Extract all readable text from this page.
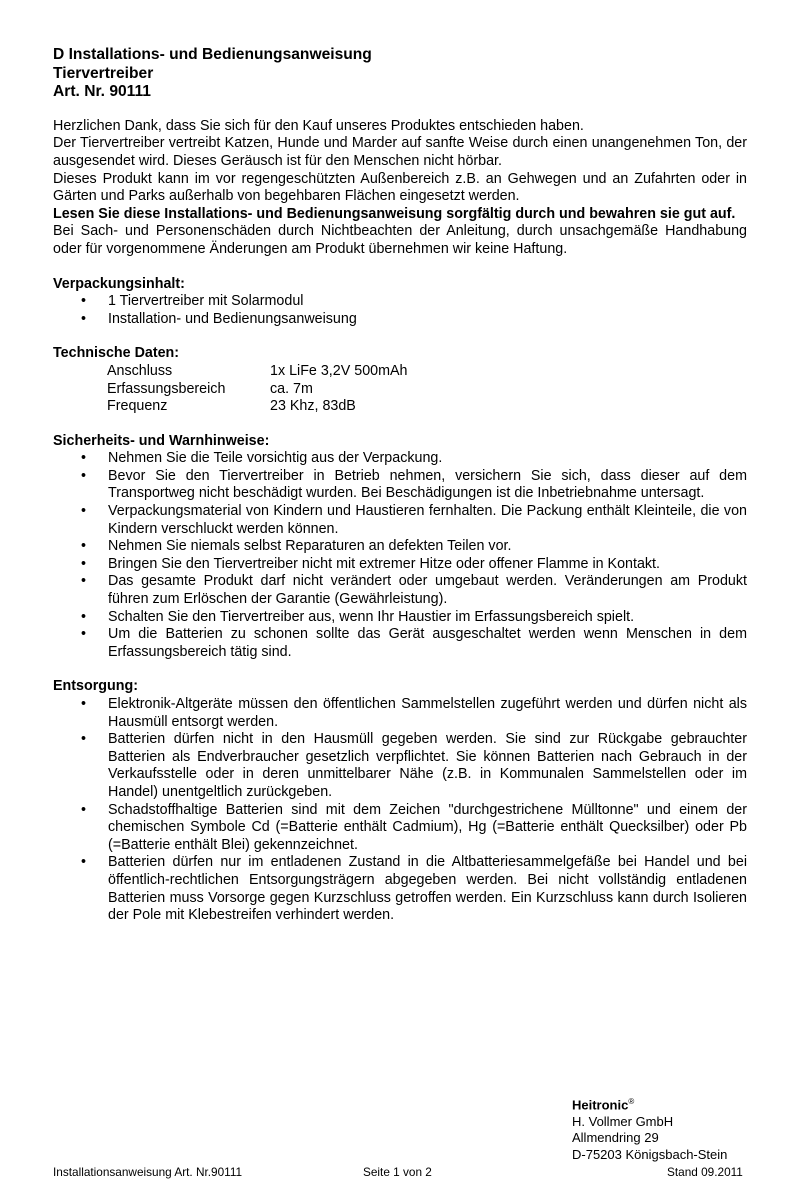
D Installations- und Bedienungsanweisung
Tiervertreiber
Art. Nr. 90111

Herzlichen Dank, dass Sie sich für den Kauf unseres Produktes entschieden haben.

Der Tiervertreiber vertreibt Katzen, Hunde und Marder auf sanfte Weise durch einen unangenehmen Ton, der ausgesendet wird. Dieses Geräusch ist für den Menschen nicht hörbar.

Dieses Produkt kann im vor regengeschützten Außenbereich z.B. an Gehwegen und an Zufahrten oder in Gärten und Parks außerhalb von begehbaren Flächen eingesetzt werden.

Lesen Sie diese Installations- und Bedienungsanweisung sorgfältig durch und bewahren sie gut auf.

Bei Sach- und Personenschäden durch Nichtbeachten der Anleitung, durch unsachgemäße Handhabung oder für vorgenommene Änderungen am Produkt übernehmen wir keine Haftung.

Verpackungsinhalt:
• 1 Tiervertreiber mit Solarmodul
• Installation- und Bedienungsanweisung
Technische Daten:
Anschluss	1x LiFe 3,2V 500mAh
Erfassungsbereich	ca. 7m
Frequenz	23 Khz, 83dB
Sicherheits- und Warnhinweise:
• Nehmen Sie die Teile vorsichtig aus der Verpackung.
• Bevor Sie den Tiervertreiber in Betrieb nehmen, versichern Sie sich, dass dieser auf dem Transportweg nicht beschädigt wurden. Bei Beschädigungen ist die Inbetriebnahme untersagt.
• Verpackungsmaterial von Kindern und Haustieren fernhalten. Die Packung enthält Kleinteile, die von Kindern verschluckt werden können.
• Nehmen Sie niemals selbst Reparaturen an defekten Teilen vor.
• Bringen Sie den Tiervertreiber nicht mit extremer Hitze oder offener Flamme in Kontakt.
• Das gesamte Produkt darf nicht verändert oder umgebaut werden. Veränderungen am Produkt führen zum Erlöschen der Garantie (Gewährleistung).
• Schalten Sie den Tiervertreiber aus, wenn Ihr Haustier im Erfassungsbereich spielt.
• Um die Batterien zu schonen sollte das Gerät ausgeschaltet werden wenn Menschen in dem Erfassungsbereich tätig sind.
Entsorgung:
• Elektronik-Altgeräte müssen den öffentlichen Sammelstellen zugeführt werden und dürfen nicht als Hausmüll entsorgt werden.
• Batterien dürfen nicht in den Hausmüll gegeben werden. Sie sind zur Rückgabe gebrauchter Batterien als Endverbraucher gesetzlich verpflichtet. Sie können Batterien nach Gebrauch in der Verkaufsstelle oder in deren unmittelbarer Nähe (z.B. in Kommunalen Sammelstellen oder im Handel) unentgeltlich zurückgeben.
• Schadstoffhaltige Batterien sind mit dem Zeichen "durchgestrichene Mülltonne" und einem der chemischen Symbole Cd (=Batterie enthält Cadmium), Hg (=Batterie enthält Quecksilber) oder Pb (=Batterie enthält Blei) gekennzeichnet.
• Batterien dürfen nur im entladenen Zustand in die Altbatteriesammelgefäße bei Handel und bei öffentlich-rechtlichen Entsorgungsträgern abgegeben werden. Bei nicht vollständig entladenen Batterien muss Vorsorge gegen Kurzschluss getroffen werden. Ein Kurzschluss kann durch Isolieren der Pole mit Klebestreifen verhindert werden.
Heitronic®
H. Vollmer GmbH
Allmendring 29
D-75203 Königsbach-Stein
Installationsanweisung Art. Nr.90111	Seite 1 von 2	Stand 09.2011
